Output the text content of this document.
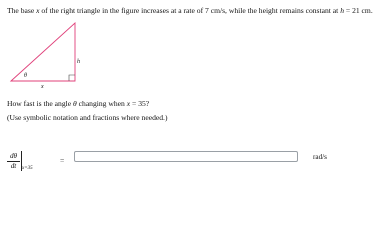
The base x of the right triangle in the figure increases at a rate of 7 cm/s, while the height remains constant at h = 21 cm.
h
θ
x
How fast is the angle θ changing when x = 35?
(Use symbolic notation and fractions where needed.)
dθ
dt	x=35
=	rad/s
